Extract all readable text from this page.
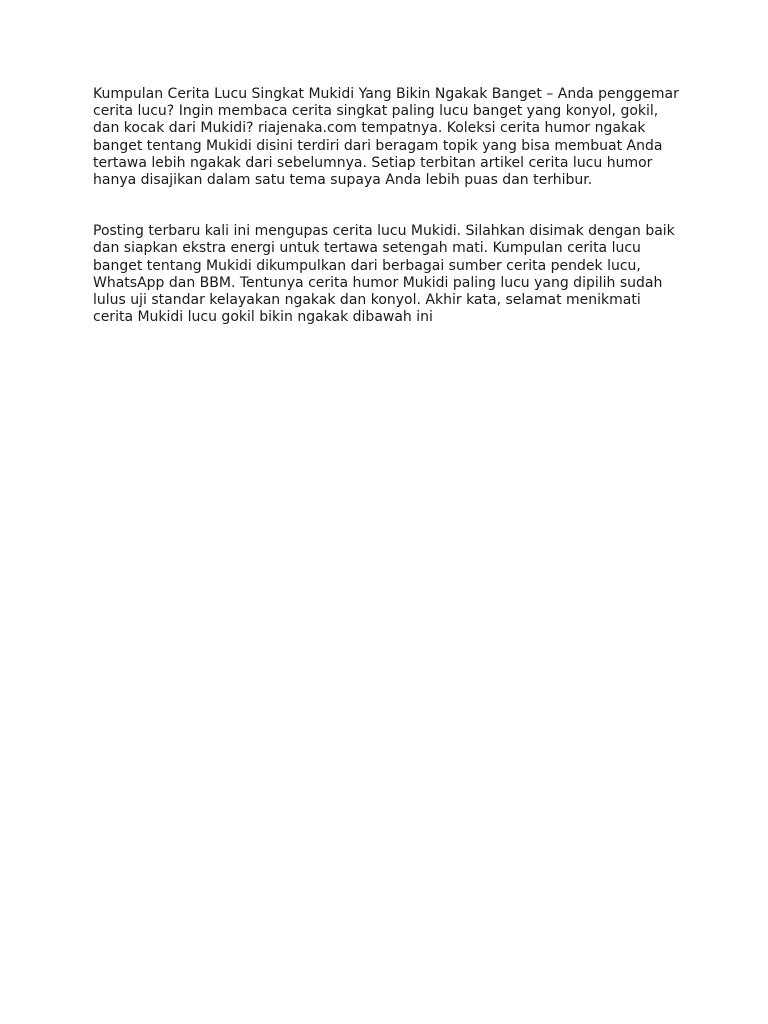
Kumpulan Cerita Lucu Singkat Mukidi Yang Bikin Ngakak Banget – Anda penggemar cerita lucu? Ingin membaca cerita singkat paling lucu banget yang konyol, gokil, dan kocak dari Mukidi? riajenaka.com tempatnya. Koleksi cerita humor ngakak banget tentang Mukidi disini terdiri dari beragam topik yang bisa membuat Anda tertawa lebih ngakak dari sebelumnya. Setiap terbitan artikel cerita lucu humor hanya disajikan dalam satu tema supaya Anda lebih puas dan terhibur.

Posting terbaru kali ini mengupas cerita lucu Mukidi. Silahkan disimak dengan baik dan siapkan ekstra energi untuk tertawa setengah mati. Kumpulan cerita lucu banget tentang Mukidi dikumpulkan dari berbagai sumber cerita pendek lucu, WhatsApp dan BBM. Tentunya cerita humor Mukidi paling lucu yang dipilih sudah lulus uji standar kelayakan ngakak dan konyol. Akhir kata, selamat menikmati cerita Mukidi lucu gokil bikin ngakak dibawah ini
